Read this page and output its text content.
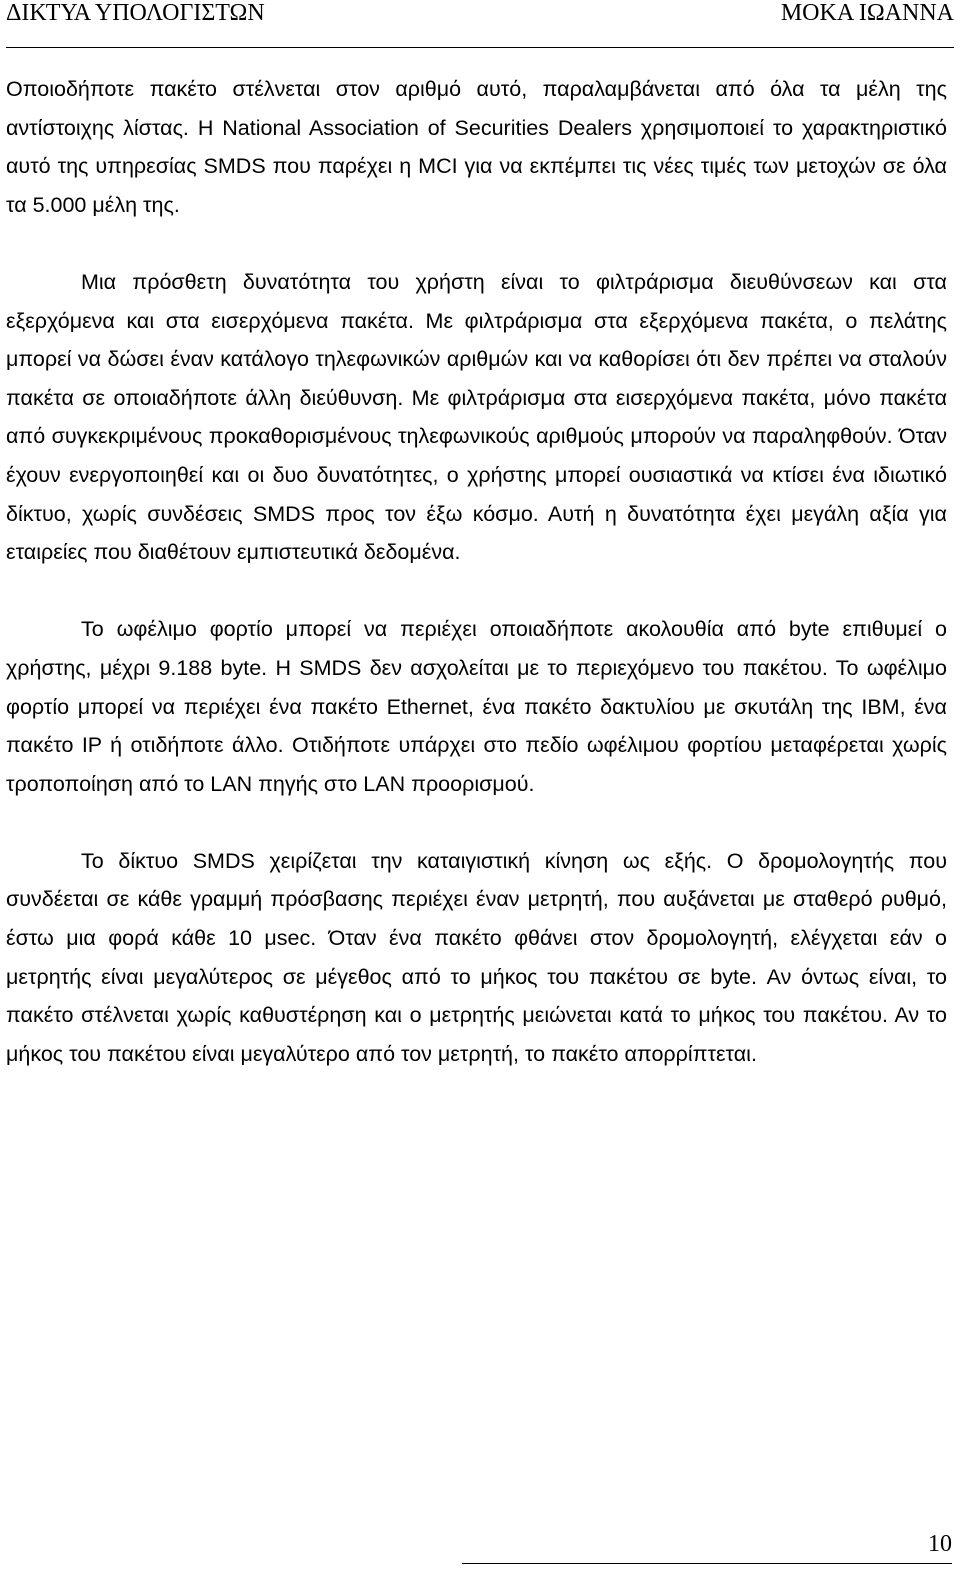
ΔΙΚΤΥΑ ΥΠΟΛΟΓΙΣΤΩΝ	ΜΟΚΑ ΙΩΑΝΝΑ

Οποιοδήποτε πακέτο στέλνεται στον αριθμό αυτό, παραλαμβάνεται από όλα τα μέλη της αντίστοιχης λίστας. Η National Association of Securities Dealers χρησιμοποιεί το χαρακτηριστικό αυτό της υπηρεσίας SMDS που παρέχει η MCI για να εκπέμπει τις νέες τιμές των μετοχών σε όλα τα 5.000 μέλη της.

Μια πρόσθετη δυνατότητα του χρήστη είναι το φιλτράρισμα διευθύνσεων και στα εξερχόμενα και στα εισερχόμενα πακέτα. Με φιλτράρισμα στα εξερχόμενα πακέτα, ο πελάτης μπορεί να δώσει έναν κατάλογο τηλεφωνικών αριθμών και να καθορίσει ότι δεν πρέπει να σταλούν πακέτα σε οποιαδήποτε άλλη διεύθυνση. Με φιλτράρισμα στα εισερχόμενα πακέτα, μόνο πακέτα από συγκεκριμένους προκαθορισμένους τηλεφωνικούς αριθμούς μπορούν να παραληφθούν. Όταν έχουν ενεργοποιηθεί και οι δυο δυνατότητες, ο χρήστης μπορεί ουσιαστικά να κτίσει ένα ιδιωτικό δίκτυο, χωρίς συνδέσεις SMDS προς τον έξω κόσμο. Αυτή η δυνατότητα έχει μεγάλη αξία για εταιρείες που διαθέτουν εμπιστευτικά δεδομένα.

Το ωφέλιμο φορτίο μπορεί να περιέχει οποιαδήποτε ακολουθία από byte επιθυμεί ο χρήστης, μέχρι 9.188 byte. Η SMDS δεν ασχολείται με το περιεχόμενο του πακέτου. Το ωφέλιμο φορτίο μπορεί να περιέχει ένα πακέτο Ethernet, ένα πακέτο δακτυλίου με σκυτάλη της IBM, ένα πακέτο IP ή οτιδήποτε άλλο. Οτιδήποτε υπάρχει στο πεδίο ωφέλιμου φορτίου μεταφέρεται χωρίς τροποποίηση από το LAN πηγής στο LAN προορισμού.

Το δίκτυο SMDS χειρίζεται την καταιγιστική κίνηση ως εξής. Ο δρομολογητής που συνδέεται σε κάθε γραμμή πρόσβασης περιέχει έναν μετρητή, που αυξάνεται με σταθερό ρυθμό, έστω μια φορά κάθε 10 μsec. Όταν ένα πακέτο φθάνει στον δρομολογητή, ελέγχεται εάν ο μετρητής είναι μεγαλύτερος σε μέγεθος από το μήκος του πακέτου σε byte. Αν όντως είναι, το πακέτο στέλνεται χωρίς καθυστέρηση και ο μετρητής μειώνεται κατά το μήκος του πακέτου. Αν το μήκος του πακέτου είναι μεγαλύτερο από τον μετρητή, το πακέτο απορρίπτεται.

10
